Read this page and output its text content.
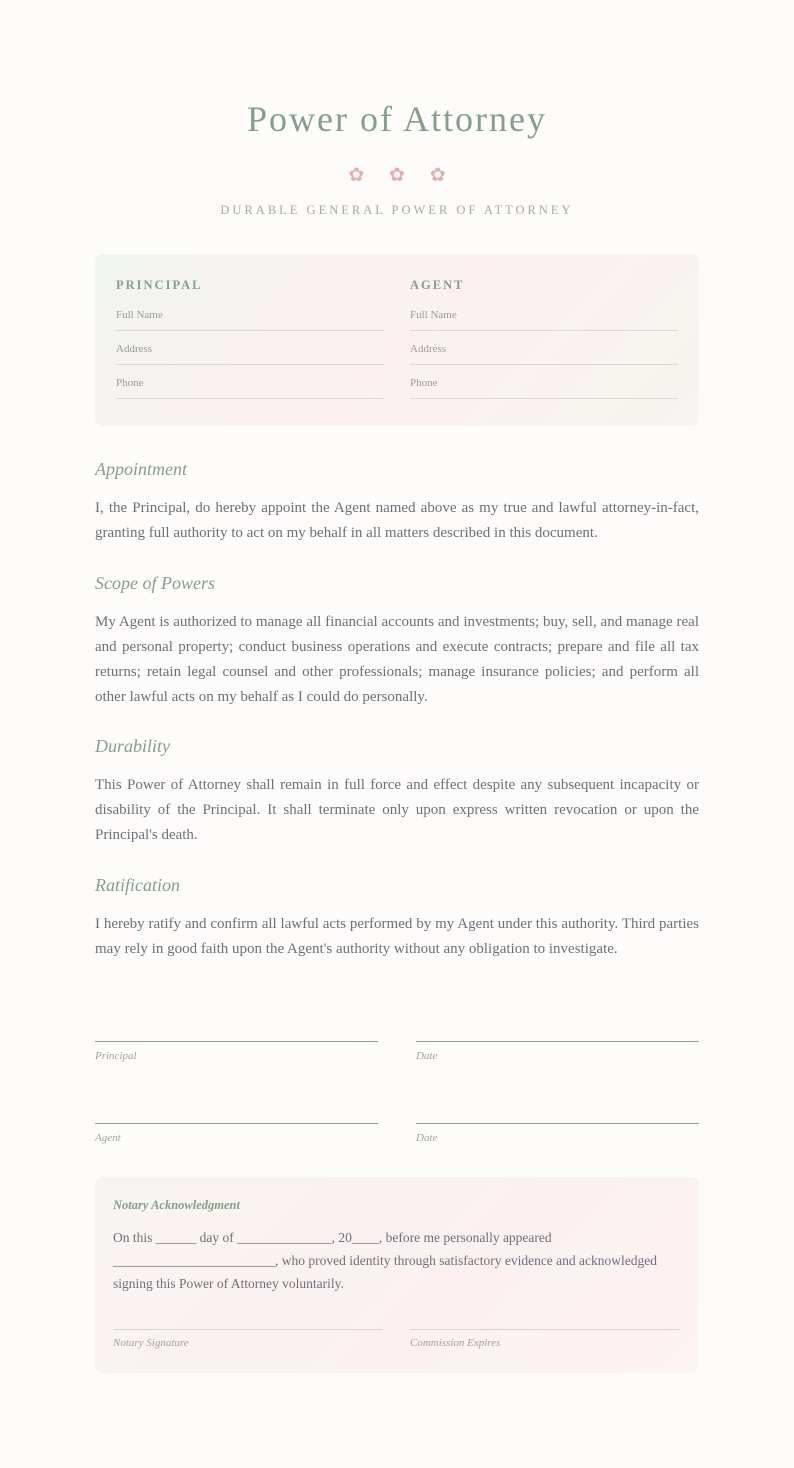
Power of Attorney
✿ ✿ ✿
DURABLE GENERAL POWER OF ATTORNEY
PRINCIPAL
Full Name
Address
Phone
AGENT
Full Name
Address
Phone
Appointment
I, the Principal, do hereby appoint the Agent named above as my true and lawful attorney-in-fact, granting full authority to act on my behalf in all matters described in this document.
Scope of Powers
My Agent is authorized to manage all financial accounts and investments; buy, sell, and manage real and personal property; conduct business operations and execute contracts; prepare and file all tax returns; retain legal counsel and other professionals; manage insurance policies; and perform all other lawful acts on my behalf as I could do personally.
Durability
This Power of Attorney shall remain in full force and effect despite any subsequent incapacity or disability of the Principal. It shall terminate only upon express written revocation or upon the Principal's death.
Ratification
I hereby ratify and confirm all lawful acts performed by my Agent under this authority. Third parties may rely in good faith upon the Agent's authority without any obligation to investigate.
Principal	Date
Agent	Date
Notary Acknowledgment
On this ______ day of ______________, 20____, before me personally appeared ________________________, who proved identity through satisfactory evidence and acknowledged signing this Power of Attorney voluntarily.
Notary Signature	Commission Expires
